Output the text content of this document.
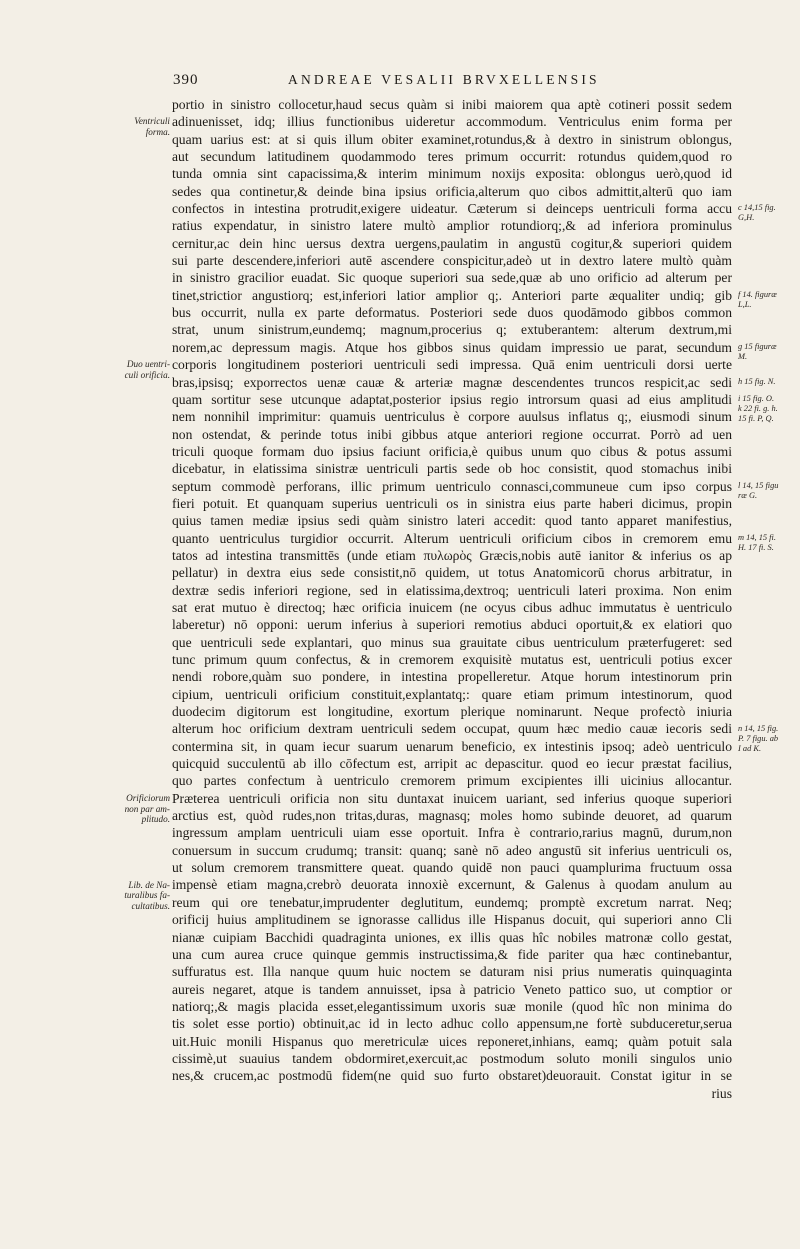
390	ANDREAE VESALII BRVXELLENSIS
portio in sinistro collocetur,haud secus quàm si inibi maiorem qua aptè cotineri possit sedem
adinuenisset, idq; illius functionibus uideretur accommodum. Ventriculus enim forma per
quam uarius est: at si quis illum obiter examinet,rotundus,& à dextro in sinistrum oblongus,
aut secundum latitudinem quodammodo teres primum occurrit: rotundus quidem,quod ro
tunda omnia sint capacissima,& interim minimum noxijs exposita: oblongus uerò,quod id
sedes qua continetur,& deinde bina ipsius orificia,alterum quo cibos admittit,alterū quo iam
confectos in intestina protrudit,exigere uideatur. Cæterum si deinceps uentriculi forma accu
ratius expendatur, in sinistro latere multò amplior rotundiorq;,& ad inferiora prominulus
cernitur,ac dein hinc uersus dextra uergens,paulatim in angustū cogitur,& superiori quidem
sui parte descendere,inferiori autē ascendere conspicitur,adeò ut in dextro latere multò quàm
in sinistro gracilior euadat. Sic quoque superiori sua sede,quæ ab uno orificio ad alterum per
tinet,strictior angustiorq; est,inferiori latior amplior q;. Anteriori parte æqualiter undiq; gib
bus occurrit, nulla ex parte deformatus. Posteriori sede duos quodāmodo gibbos common
strat, unum sinistrum,eundemq; magnum,procerius q; extuberantem: alterum dextrum,mi
norem,ac depressum magis. Atque hos gibbos sinus quidam impressio ue parat, secundum
corporis longitudinem posteriori uentriculi sedi impressa. Quā enim uentriculi dorsi uerte
bras,ipsisq; exporrectos uenæ cauæ & arteriæ magnæ descendentes truncos respicit,ac sedi
quam sortitur sese utcunque adaptat,posterior ipsius regio introrsum quasi ad eius amplitudi
nem nonnihil imprimitur: quamuis uentriculus è corpore auulsus inflatus q;, eiusmodi sinum
non ostendat, & perinde totus inibi gibbus atque anteriori regione occurrat. Porrò ad uen
triculi quoque formam duo ipsius faciunt orificia,è quibus unum quo cibus & potus assumi
dicebatur, in elatissima sinistræ uentriculi partis sede ob hoc consistit, quod stomachus inibi
septum commodè perforans, illic primum uentriculo connasci,communeue cum ipso corpus
fieri potuit. Et quanquam superius uentriculi os in sinistra eius parte haberi dicimus, propin
quius tamen mediæ ipsius sedi quàm sinistro lateri accedit: quod tanto apparet manifestius,
quanto uentriculus turgidior occurrit. Alterum uentriculi orificium cibos in cremorem emu
tatos ad intestina transmittēs (unde etiam πυλωρὸς Græcis,nobis autē ianitor & inferius os ap
pellatur) in dextra eius sede consistit,nō quidem, ut totus Anatomicorū chorus arbitratur, in
dextræ sedis inferiori regione, sed in elatissima,dextroq; uentriculi lateri proxima. Non enim
sat erat mutuo è directoq; hæc orificia inuicem (ne ocyus cibus adhuc immutatus è uentriculo
laberetur) nō opponi: uerum inferius à superiori remotius abduci oportuit,& ex elatiori quo
que uentriculi sede explantari, quo minus sua grauitate cibus uentriculum præterfugeret: sed
tunc primum quum confectus, & in cremorem exquisitè mutatus est, uentriculi potius excer
nendi robore,quàm suo pondere, in intestina propelleretur. Atque horum intestinorum prin
cipium, uentriculi orificium constituit,explantatq;: quare etiam primum intestinorum, quod
duodecim digitorum est longitudine, exortum plerique nominarunt. Neque profectò iniuria
alterum hoc orificium dextram uentriculi sedem occupat, quum hæc medio cauæ iecoris sedi
contermina sit, in quam iecur suarum uenarum beneficio, ex intestinis ipsoq; adeò uentriculo
quicquid succulentū ab illo cōfectum est, arripit ac depascitur. quod eo iecur præstat facilius,
quo partes confectum à uentriculo cremorem primum excipientes illi uicinius allocantur.
Præterea uentriculi orificia non situ duntaxat inuicem uariant, sed inferius quoque superiori
arctius est, quòd rudes,non tritas,duras, magnasq; moles homo subinde deuoret, ad quarum
ingressum amplam uentriculi uiam esse oportuit. Infra è contrario,rarius magnū, durum,non
conuersum in succum crudumq; transit: quanq; sanè nō adeo angustū sit inferius uentriculi os,
ut solum cremorem transmittere queat. quando quidē non pauci quamplurima fructuum ossa
impensè etiam magna,crebrò deuorata innoxiè excernunt, & Galenus à quodam anulum au
reum qui ore tenebatur,imprudenter deglutitum, eundemq; promptè excretum narrat. Neq;
orificij huius amplitudinem se ignorasse callidus ille Hispanus docuit, qui superiori anno Cli
nianæ cuipiam Bacchidi quadraginta uniones, ex illis quas hîc nobiles matronæ collo gestat,
una cum aurea cruce quinque gemmis instructissima,& fide pariter qua hæc continebantur,
suffuratus est. Illa nanque quum huic noctem se daturam nisi prius numeratis quinquaginta
aureis negaret, atque is tandem annuisset, ipsa à patricio Veneto pattico suo, ut comptior or
natiorq;,& magis placida esset,elegantissimum uxoris suæ monile (quod hîc non minima do
tis solet esse portio) obtinuit,ac id in lecto adhuc collo appensum,ne fortè subduceretur,serua
uit.Huic monili Hispanus quo meretriculæ uices reponeret,inhians, eamq; quàm potuit sala
cissimè,ut suauius tandem obdormiret,exercuit,ac postmodum soluto monili singulos unio
nes,& crucem,ac postmodū fidem(ne quid suo furto obstaret)deuorauit. Constat igitur in se
rius
Ventriculi
forma.
Duo uentri-
culi orificia.
Orificiorum
non par am-
plitudo.
Lib. de Na-
turalibus fa-
cultatibus.
c 14,15 fig.
G,H.
f 14. figuræ
L,L.
g 15 figuræ
M.
h 15 fig. N.
i 15 fig. O.
k 22 fi. g. h.
15 fi. P, Q.
l 14, 15 figu
ræ G.
m 14, 15 fi.
H. 17 fi. S.
n 14, 15 fig.
P. 7 figu. ab
I ad K.
